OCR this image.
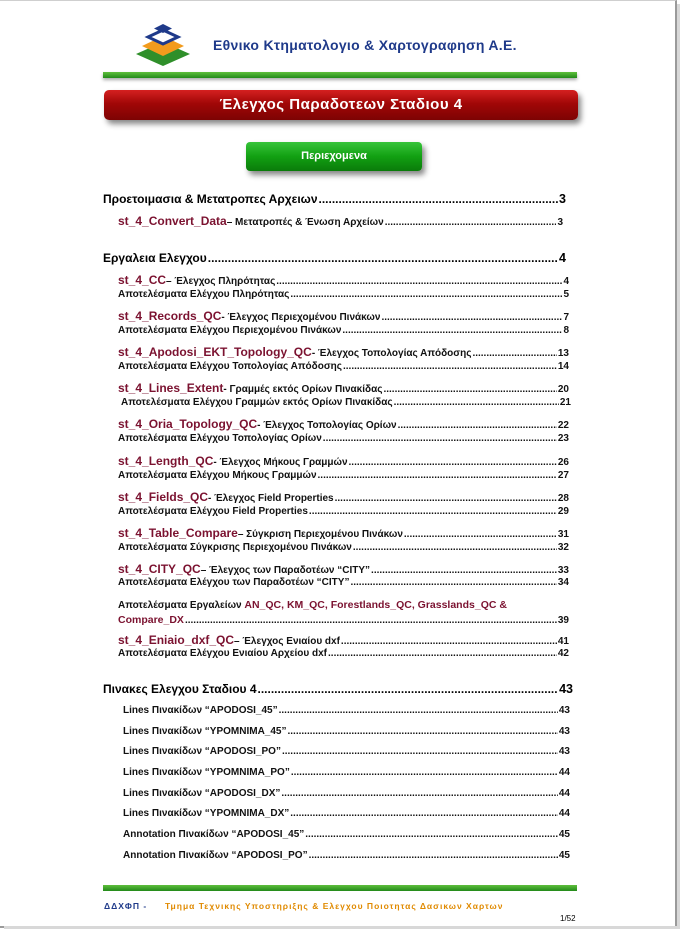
Εθνικο Κτηματολογιο & Χαρτογραφηση Α.Ε.
Έλεγχος Παραδοτεων Σταδιου 4
Περιεχομενα
Προετοιμασια & Μετατροπες Αρχειων .....	3
st_4_Convert_Data – Μετατροπές & Ένωση Αρχείων .....	3
Εργαλεια Ελεγχου .....	4
st_4_CC – Έλεγχος Πληρότητας .....	4
Αποτελέσματα Ελέγχου Πληρότητας .....	5
st_4_Records_QC - Έλεγχος Περιεχομένου Πινάκων .....	7
Αποτελέσματα Ελέγχου Περιεχομένου Πινάκων .....	8
st_4_Apodosi_EKT_Topology_QC - Έλεγχος Τοπολογίας Απόδοσης .....	13
Αποτελέσματα Ελέγχου Τοπολογίας Απόδοσης .....	14
st_4_Lines_Extent - Γραμμές εκτός Ορίων Πινακίδας .....	20
Αποτελέσματα Ελέγχου Γραμμών εκτός Ορίων Πινακίδας .....	21
st_4_Oria_Topology_QC - Έλεγχος Τοπολογίας Ορίων .....	22
Αποτελέσματα Ελέγχου Τοπολογίας Ορίων .....	23
st_4_Length_QC - Έλεγχος Μήκους Γραμμών .....	26
Αποτελέσματα Ελέγχου Μήκους Γραμμών .....	27
st_4_Fields_QC - Έλεγχος Field Properties .....	28
Αποτελέσματα Ελέγχου Field Properties .....	29
st_4_Table_Compare – Σύγκριση Περιεχομένου Πινάκων .....	31
Αποτελέσματα Σύγκρισης Περιεχομένου Πινάκων .....	32
st_4_CITY_QC – Έλεγχος των Παραδοτέων “CITY” .....	33
Αποτελέσματα Ελέγχου των Παραδοτέων “CITY” .....	34
Αποτελέσματα Εργαλείων AN_QC, KM_QC, Forestlands_QC, Grasslands_QC &
Compare_DX .....	39
st_4_Eniaio_dxf_QC – Έλεγχος Ενιαίου dxf .....	41
Αποτελέσματα Ελέγχου Ενιαίου Αρχείου dxf .....	42
Πινακες Ελεγχου Σταδιου 4 .....	43
Lines Πινακίδων “APODOSI_45” .....	43
Lines Πινακίδων “YPOMNIMA_45” .....	43
Lines Πινακίδων “APODOSI_PO” .....	43
Lines Πινακίδων “YPOMNIMA_PO” .....	44
Lines Πινακίδων “APODOSI_DX” .....	44
Lines Πινακίδων “YPOMNIMA_DX” .....	44
Annotation Πινακίδων “APODOSI_45” .....	45
Annotation Πινακίδων “APODOSI_PO” .....	45
ΔΔΧΦΠ - Τμημα Τεχνικης Υποστηριξης & Ελεγχου Ποιοτητας Δασικων Χαρτων
1/52
